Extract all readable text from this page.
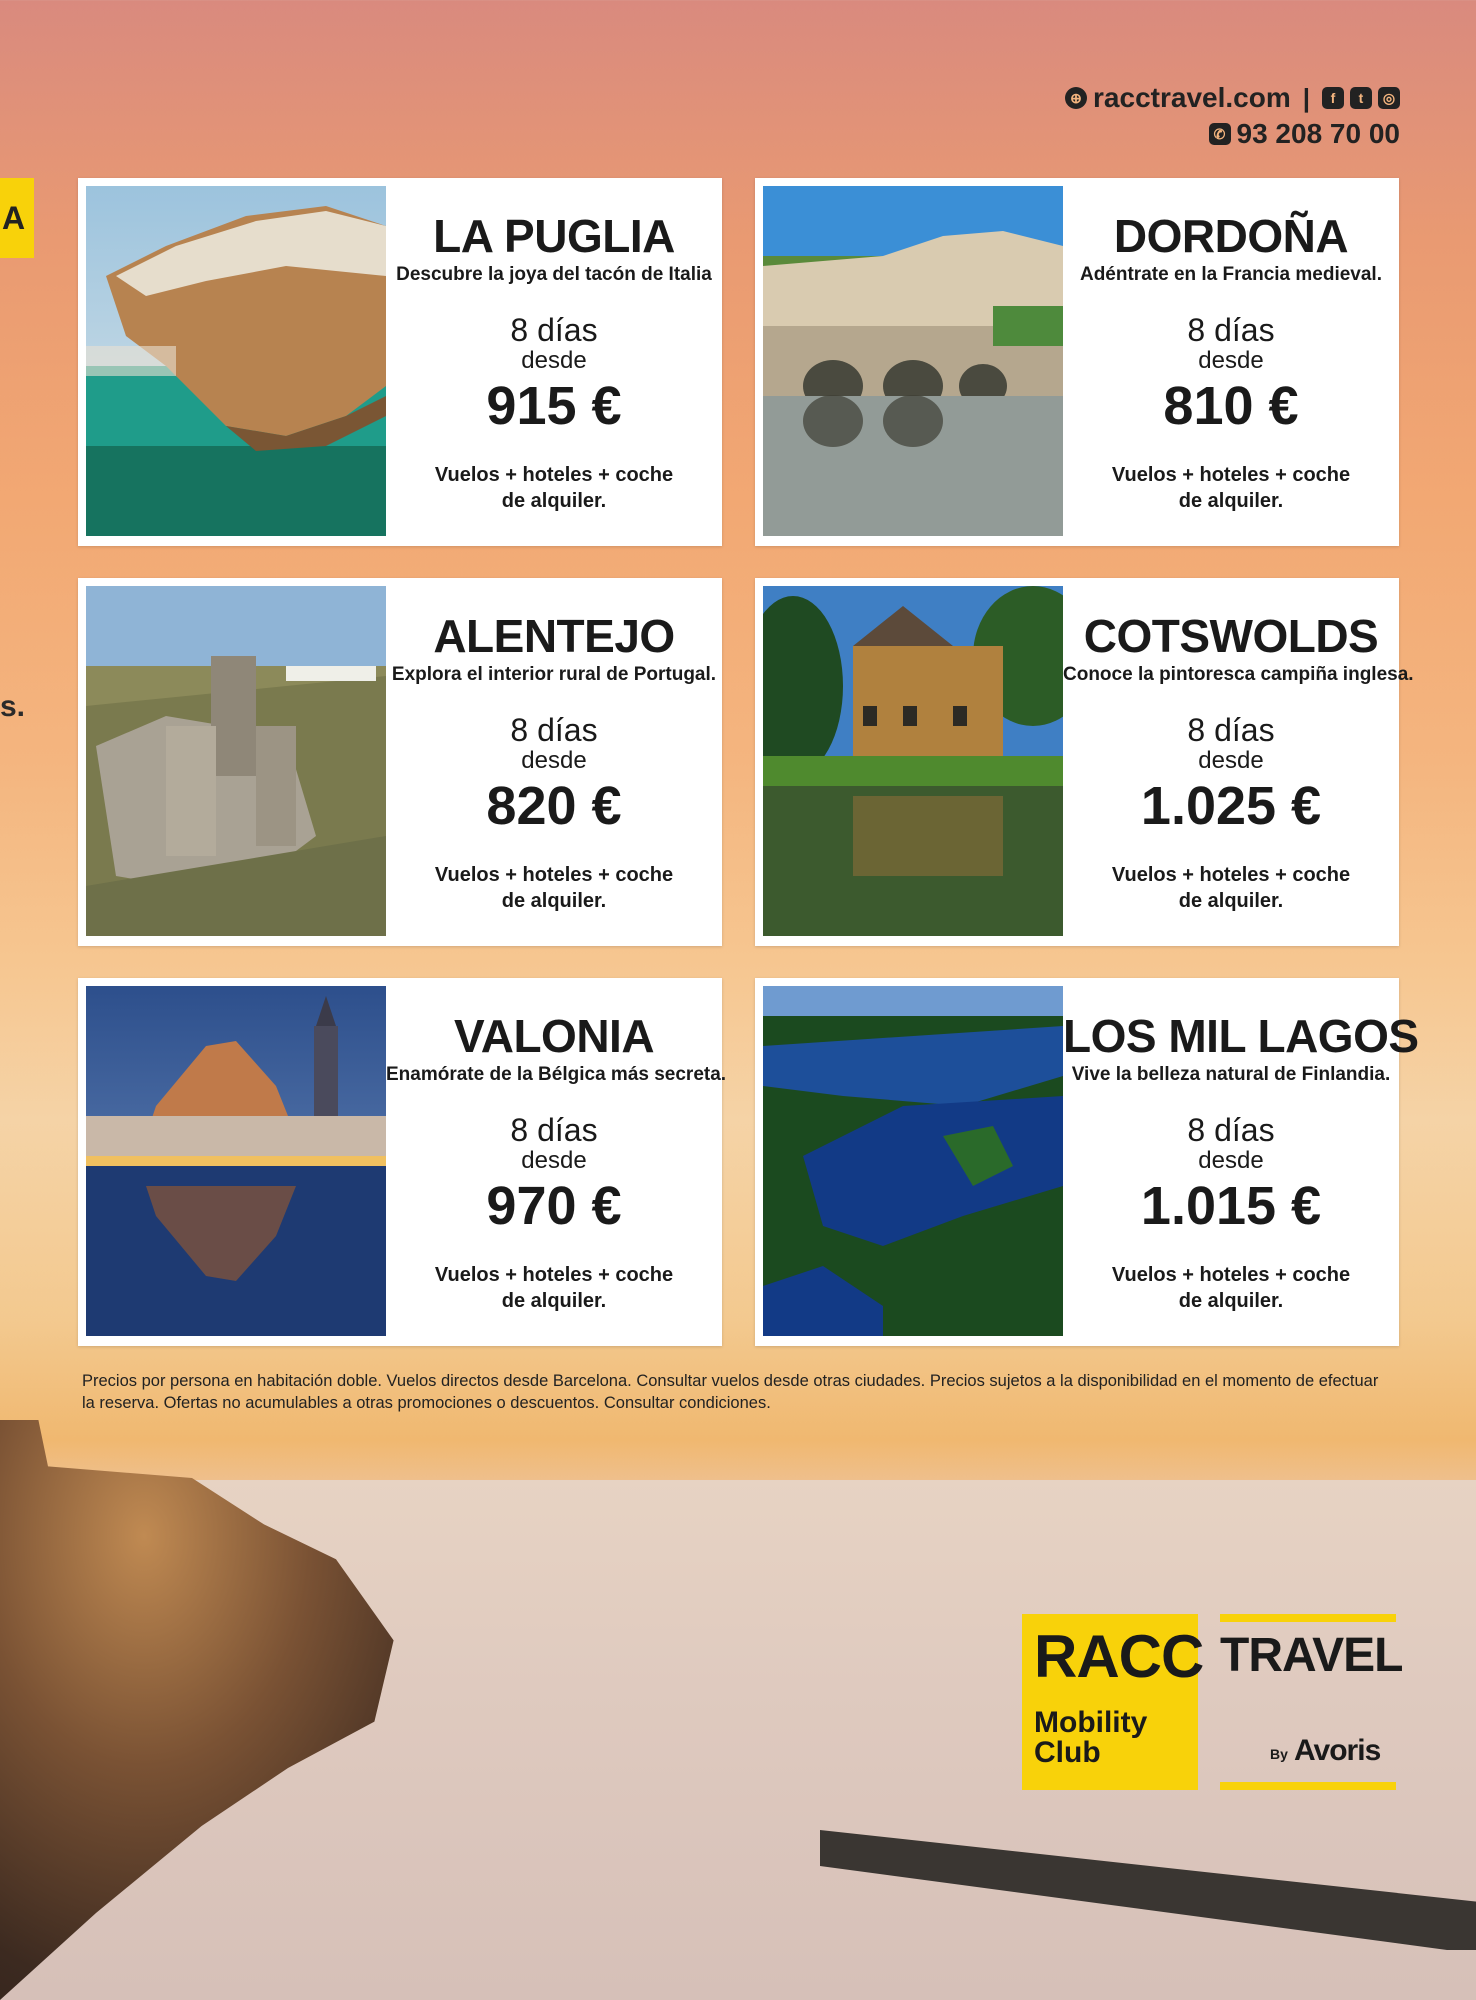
A
s.
⊕ racctravel.com |	f	t	◎
✆ 93 208 70 00
LA PUGLIA
Descubre la joya del tacón de Italia
8 días
desde
915 €
Vuelos + hoteles + coche
de alquiler.
DORDOÑA
Adéntrate en la Francia medieval.
8 días
desde
810 €
Vuelos + hoteles + coche
de alquiler.
ALENTEJO
Explora el interior rural de Portugal.
8 días
desde
820 €
Vuelos + hoteles + coche
de alquiler.
COTSWOLDS
Conoce la pintoresca campiña inglesa.
8 días
desde
1.025 €
Vuelos + hoteles + coche
de alquiler.
VALONIA
Enamórate de la Bélgica más secreta.
8 días
desde
970 €
Vuelos + hoteles + coche
de alquiler.
LOS MIL LAGOS
Vive la belleza natural de Finlandia.
8 días
desde
1.015 €
Vuelos + hoteles + coche
de alquiler.
Precios por persona en habitación doble. Vuelos directos desde Barcelona. Consultar vuelos desde otras ciudades. Precios sujetos a la disponibilidad en el momento de efectuar la reserva. Ofertas no acumulables a otras promociones o descuentos. Consultar condiciones.
RACC
Mobility
Club
TRAVEL
By Avoris
